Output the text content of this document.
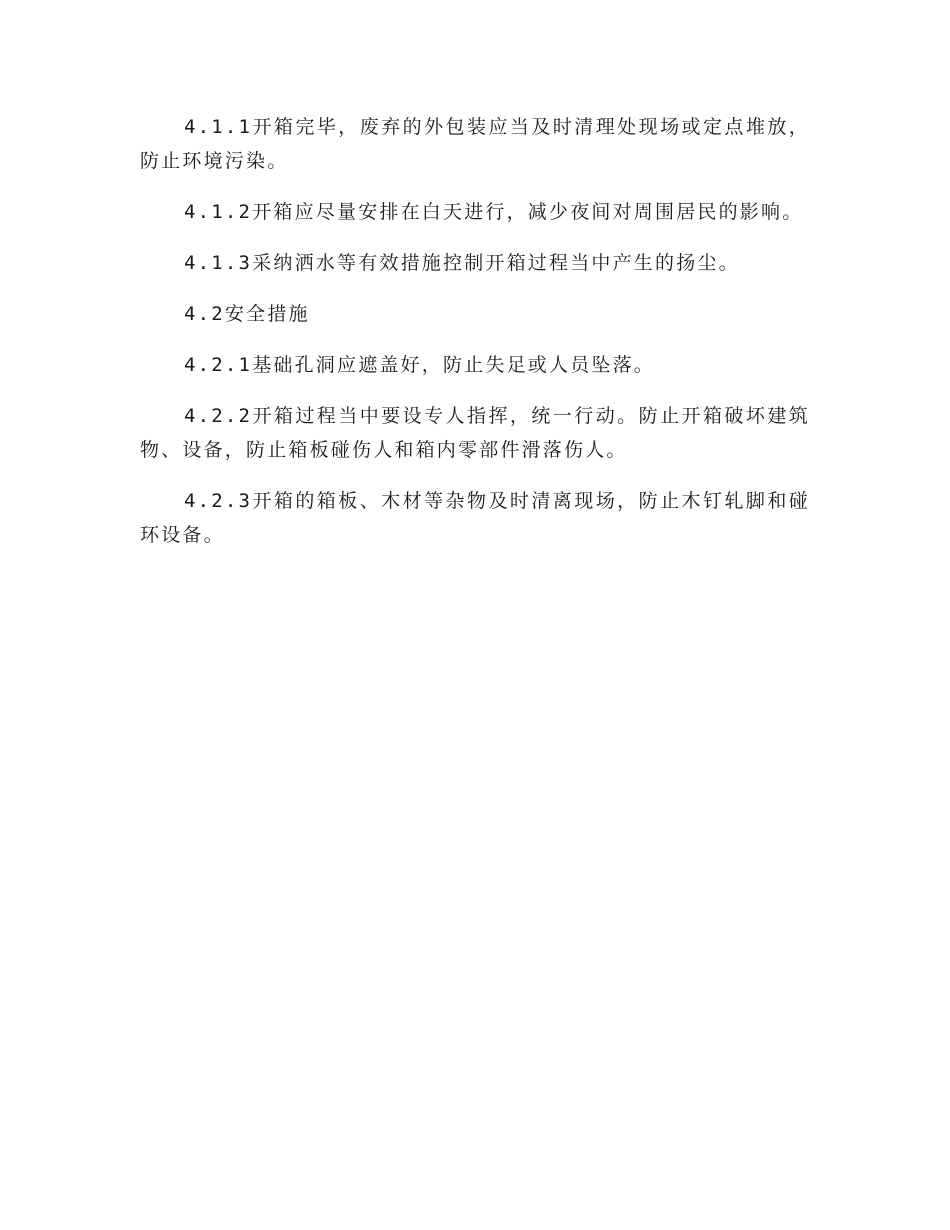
4.1.1开箱完毕，废弃的外包装应当及时清理处现场或定点堆放，防止环境污染。

4.1.2开箱应尽量安排在白天进行，减少夜间对周围居民的影响。

4.1.3采纳洒水等有效措施控制开箱过程当中产生的扬尘。

4.2安全措施

4.2.1基础孔洞应遮盖好，防止失足或人员坠落。

4.2.2开箱过程当中要设专人指挥，统一行动。防止开箱破坏建筑物、设备，防止箱板碰伤人和箱内零部件滑落伤人。

4.2.3开箱的箱板、木材等杂物及时清离现场，防止木钉轧脚和碰环设备。
